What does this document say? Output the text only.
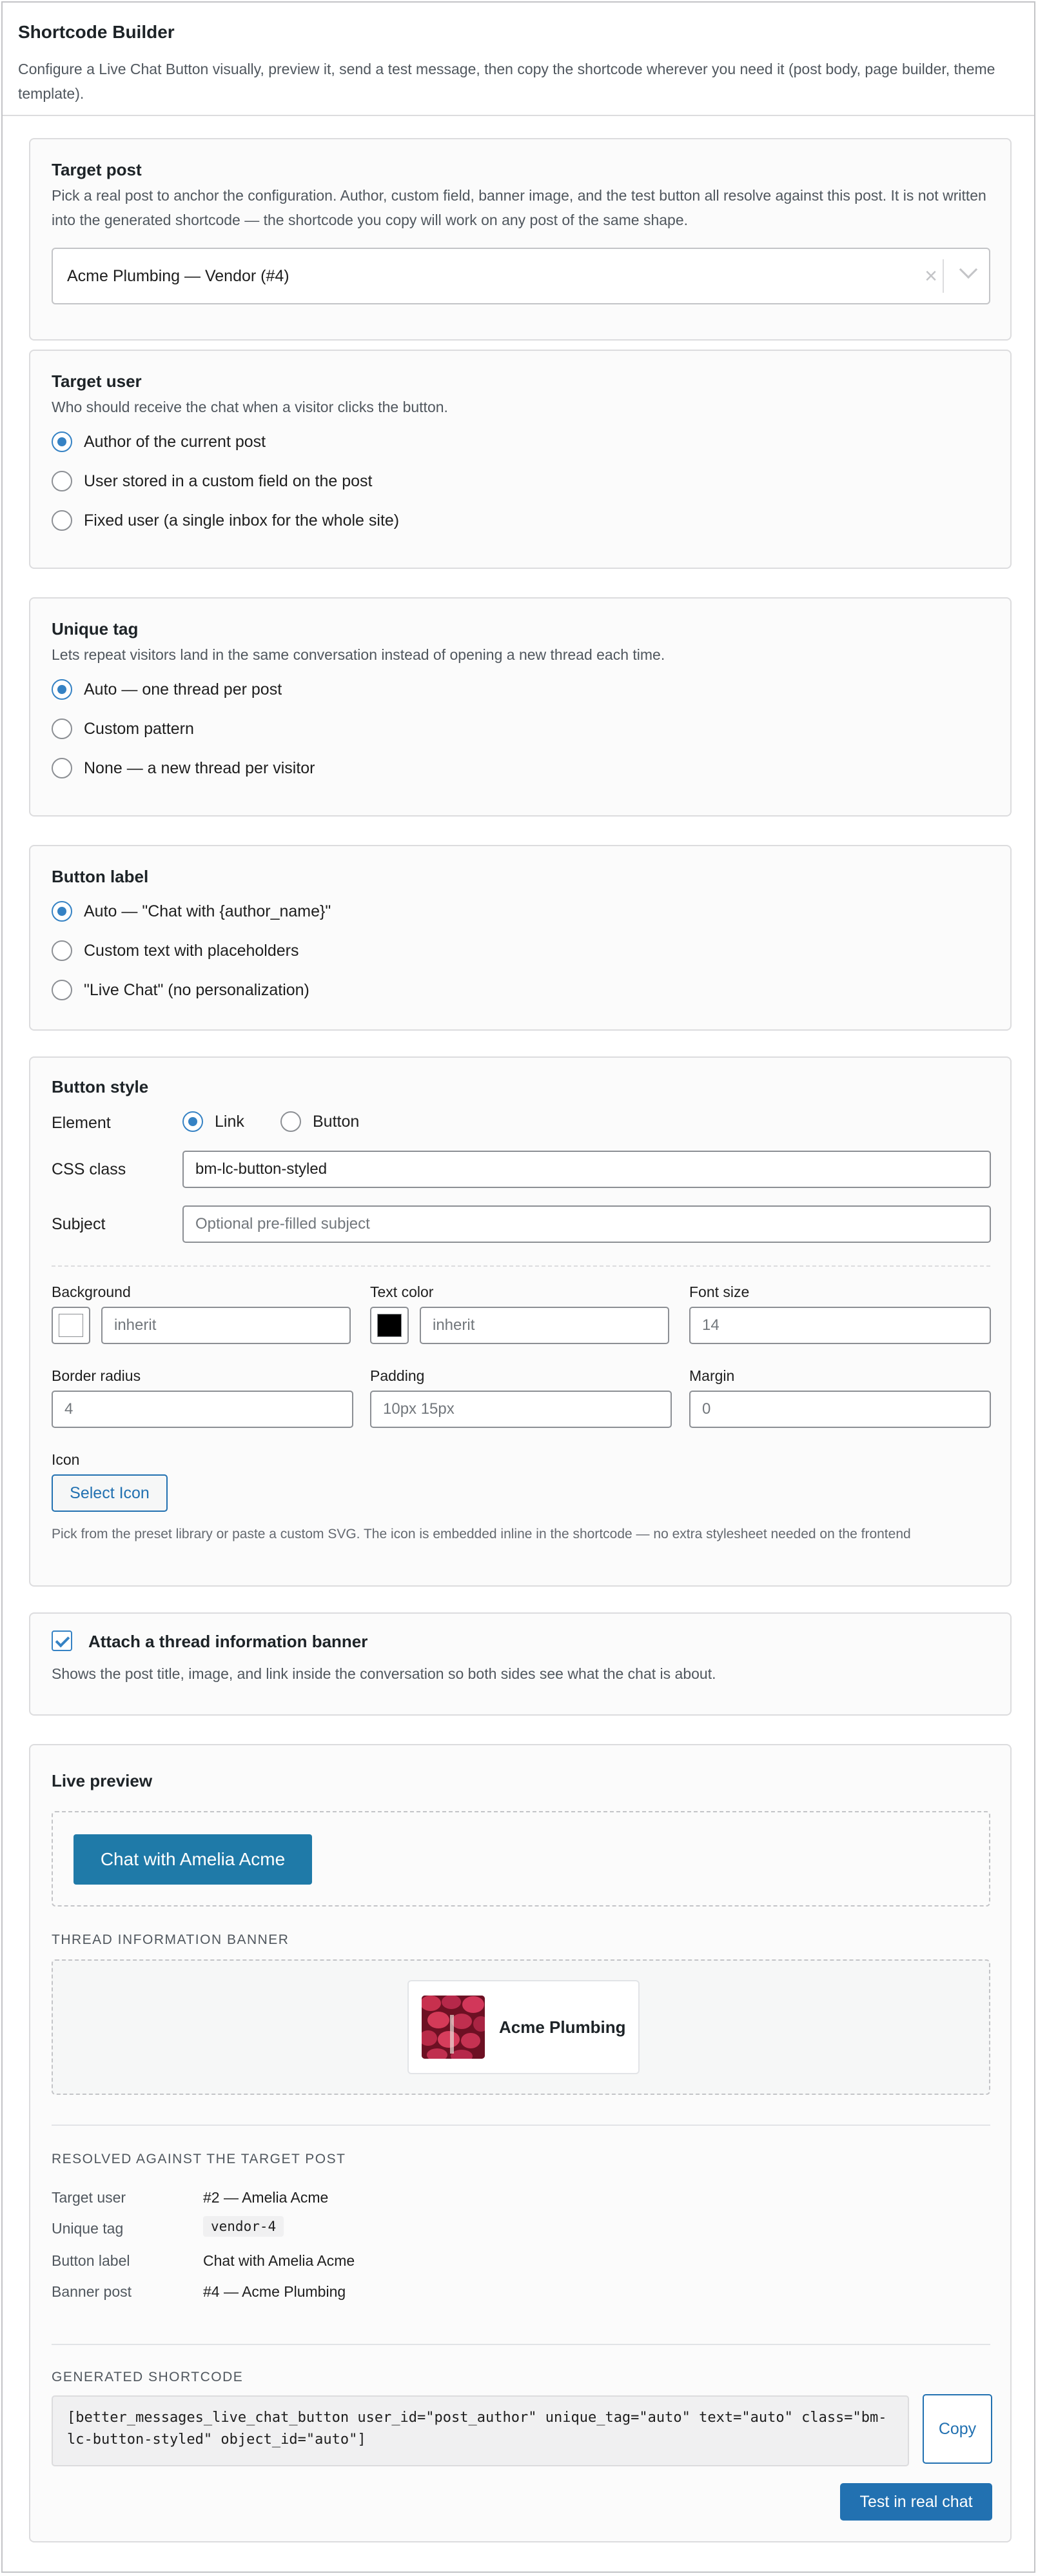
Shortcode Builder

Configure a Live Chat Button visually, preview it, send a test message, then copy the shortcode wherever you need it (post body, page builder, theme template).

Target post

Pick a real post to anchor the configuration. Author, custom field, banner image, and the test button all resolve against this post. It is not written into the generated shortcode — the shortcode you copy will work on any post of the same shape.

Acme Plumbing — Vendor (#4)	×
Target user

Who should receive the chat when a visitor clicks the button.

Author of the current post
User stored in a custom field on the post
Fixed user (a single inbox for the whole site)
Unique tag

Lets repeat visitors land in the same conversation instead of opening a new thread each time.

Auto — one thread per post
Custom pattern
None — a new thread per visitor
Button label
Auto — "Chat with {author_name}"
Custom text with placeholders
"Live Chat" (no personalization)
Button style
Element	Link	Button
CSS class	bm-lc-button-styled
Subject	Optional pre-filled subject
Background
inherit
Text color
inherit
Font size
14
Border radius
4
Padding
10px 15px
Margin
0
Icon
Select Icon

Pick from the preset library or paste a custom SVG. The icon is embedded inline in the shortcode — no extra stylesheet needed on the frontend

Attach a thread information banner

Shows the post title, image, and link inside the conversation so both sides see what the chat is about.

Live preview
Chat with Amelia Acme
THREAD INFORMATION BANNER
Acme Plumbing
RESOLVED AGAINST THE TARGET POST
Target user	#2 — Amelia Acme
Unique tag	vendor-4
Button label	Chat with Amelia Acme
Banner post	#4 — Acme Plumbing
GENERATED SHORTCODE
[better_messages_live_chat_button user_id="post_author" unique_tag="auto" text="auto" class="bm-lc-button-styled" object_id="auto"]
Copy
Test in real chat
